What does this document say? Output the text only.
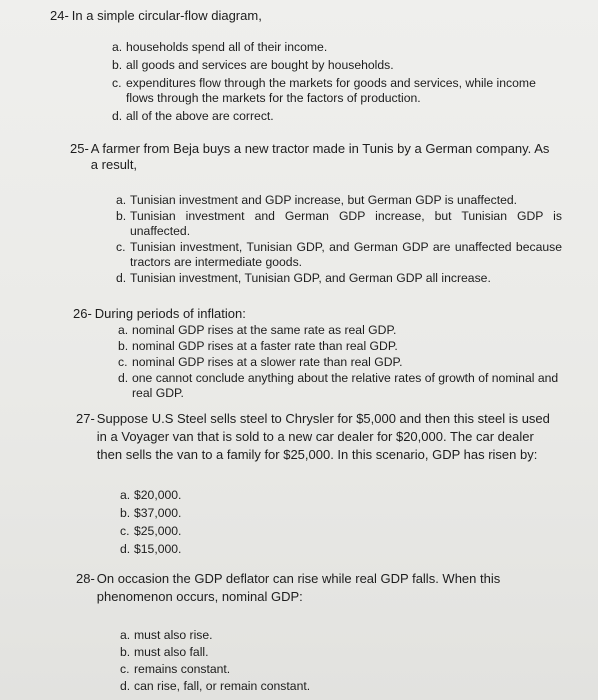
24- In a simple circular-flow diagram,
a. households spend all of their income.
b. all goods and services are bought by households.
c. expenditures flow through the markets for goods and services, while income flows through the markets for the factors of production.
d. all of the above are correct.
25- A farmer from Beja buys a new tractor made in Tunis by a German company. As a result,
a. Tunisian investment and GDP increase, but German GDP is unaffected.
b. Tunisian investment and German GDP increase, but Tunisian GDP is unaffected.
c. Tunisian investment, Tunisian GDP, and German GDP are unaffected because tractors are intermediate goods.
d. Tunisian investment, Tunisian GDP, and German GDP all increase.
26- During periods of inflation:
a. nominal GDP rises at the same rate as real GDP.
b. nominal GDP rises at a faster rate than real GDP.
c. nominal GDP rises at a slower rate than real GDP.
d. one cannot conclude anything about the relative rates of growth of nominal and real GDP.
27- Suppose U.S Steel sells steel to Chrysler for $5,000 and then this steel is used in a Voyager van that is sold to a new car dealer for $20,000. The car dealer then sells the van to a family for $25,000. In this scenario, GDP has risen by:
a. $20,000.
b. $37,000.
c. $25,000.
d. $15,000.
28- On occasion the GDP deflator can rise while real GDP falls. When this phenomenon occurs, nominal GDP:
a. must also rise.
b. must also fall.
c. remains constant.
d. can rise, fall, or remain constant.
